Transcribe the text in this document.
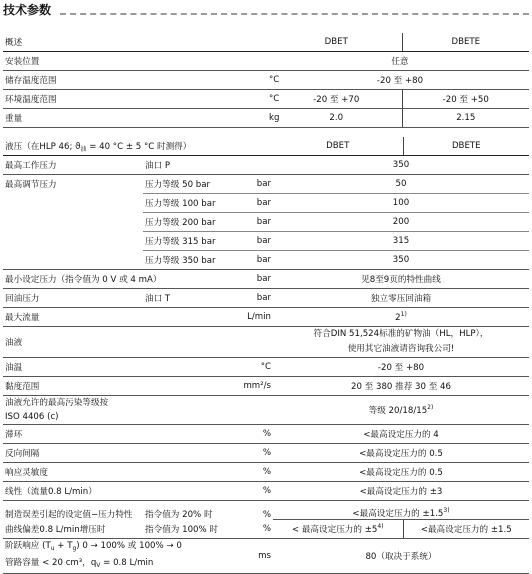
技术参数
概述		DBET	DBETE
安装位置		任意	
储存温度范围	°C	-20 至 +80	
环境温度范围	°C	-20 至 +70	-20 至 +50
重量	kg	2.0	2.15
液压（在HLP 46; $ϑ_油 = 40$ °C ± 5 °C 时测得）			DBET	DBETE
最高工作压力	油口 P		350	
最高调节压力	压力等级 50 bar	bar	50	
	压力等级 100 bar	bar	100	
	压力等级 200 bar	bar	200	
	压力等级 315 bar	bar	315	
	压力等级 350 bar	bar	350	
最小设定压力（指令值为 0 V 或 4 mA）		bar	见8至9页的特性曲线	
回油压力	油口 T	bar	独立零压回油箱	
最大流量		L/min	2$^{1)}$
油液			符合DIN 51,524标准的矿物油（HL，HLP），
使用其它油液请咨询我公司!	

油温		°C	-20 至 +80	
黏度范围		mm²/s	20 至 380 推荐 30 至 46	

油液允许的最高污染等级按
ISO 4406 (c)			等级 20/18/15$^{2)}$
滞环		%	<最高设定压力的 4	
反向间隔		%	<最高设定压力的 0.5	
响应灵敏度		%	<最高设定压力的 0.5	
线性（流量0.8 L/min）		%	<最高设定压力的 ±3	
制造误差引起的设定值−压力特性	指令值为 20% 时	%	<最高设定压力的 $\pm 1.5^{3)}$
曲线偏差0.8 L/min增压时	指令值为 100% 时	%	< 最高设定压力的 $\pm 5^{4)}$	<最高设定压力的 ±1.5

阶跃响应 $(T_u + T_g) 0 \to 100\%$ 或 100% → 0
管路容量 < 20 cm³，$q_V = 0.8$ L/min		ms	80（取决于系统）	
